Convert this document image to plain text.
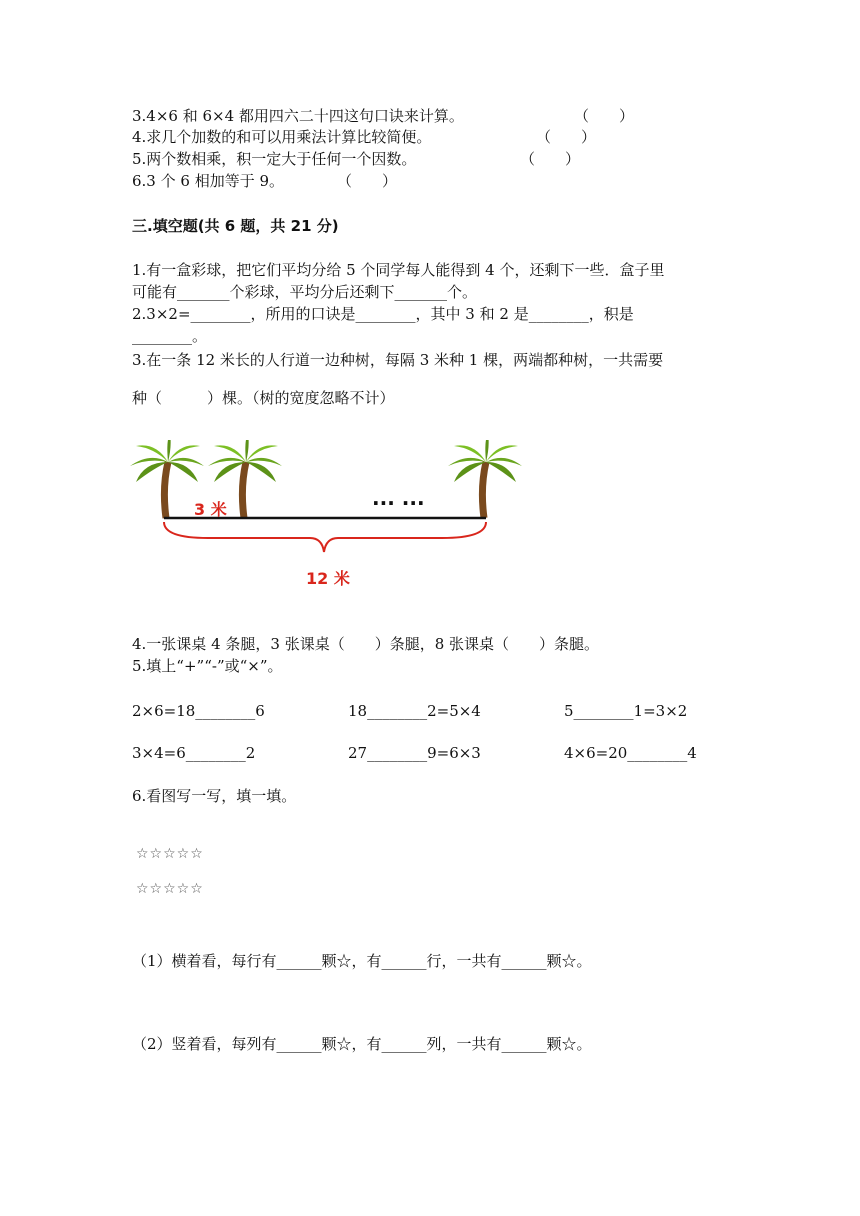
3.4×6 和 6×4 都用四六二十四这句口诀来计算。	（　　）
4.求几个加数的和可以用乘法计算比较简便。	（　　）
5.两个数相乘，积一定大于任何一个因数。	（　　）
6.3 个 6 相加等于 9。	（　　）
三.填空题(共 6 题，共 21 分)
1.有一盒彩球，把它们平均分给 5 个同学每人能得到 4 个，还剩下一些．盒子里
可能有_______个彩球，平均分后还剩下_______个。
2.3×2=________，所用的口诀是________，其中 3 和 2 是________，积是
________。
3.在一条 12 米长的人行道一边种树，每隔 3 米种 1 棵，两端都种树，一共需要
种（　　　）棵。（树的宽度忽略不计）
3 米	··· ···
12 米
4.一张课桌 4 条腿，3 张课桌（　　）条腿，8 张课桌（　　）条腿。
5.填上“+”“-”或“×”。
2×6=18________6	18________2=5×4	5________1=3×2
3×4=6________2	27________9=6×3	4×6=20________4
6.看图写一写，填一填。
☆☆☆☆☆
☆☆☆☆☆
（1）横着看，每行有______颗☆，有______行，一共有______颗☆。
（2）竖着看，每列有______颗☆，有______列，一共有______颗☆。
